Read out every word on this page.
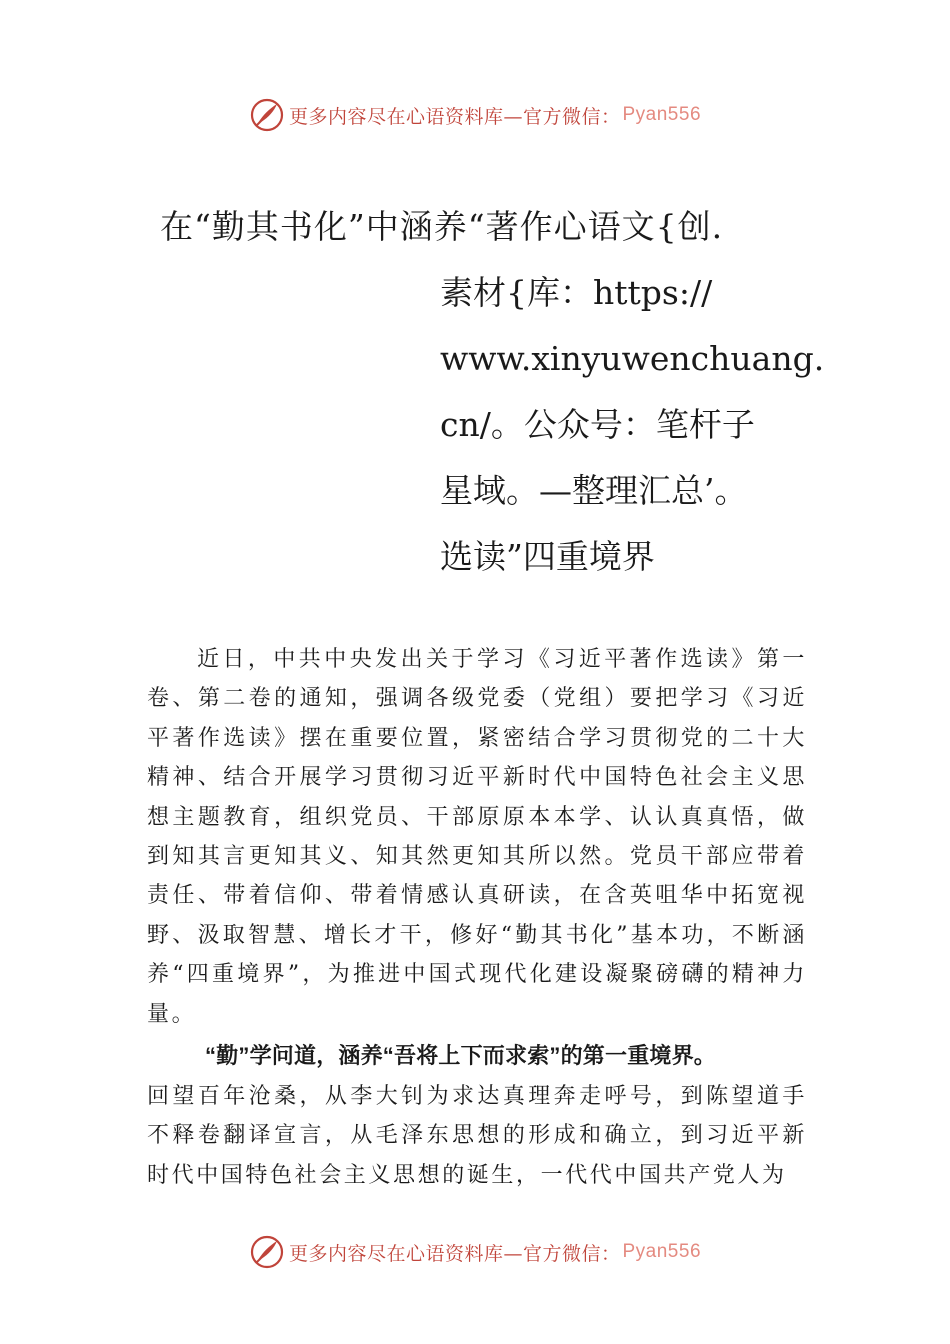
更多内容尽在心语资料库—官方微信： Pyan556
在“勤其书化”中涵养“著作心语文{创.
素材{库：https://
www.xinyuwenchuang.
cn/。公众号：笔杆子
星域。—整理汇总’。
选读”四重境界
近日，中共中央发出关于学习《习近平著作选读》第一卷、第二卷的通知，强调各级党委（党组）要把学习《习近平著作选读》摆在重要位置，紧密结合学习贯彻党的二十大精神、结合开展学习贯彻习近平新时代中国特色社会主义思想主题教育，组织党员、干部原原本本学、认认真真悟，做到知其言更知其义、知其然更知其所以然。党员干部应带着责任、带着信仰、带着情感认真研读，在含英咀华中拓宽视野、汲取智慧、增长才干，修好“勤其书化”基本功，不断涵养“四重境界”，为推进中国式现代化建设凝聚磅礴的精神力量。
“勤”学问道，涵养“吾将上下而求索”的第一重境界。
回望百年沧桑，从李大钊为求达真理奔走呼号，到陈望道手不释卷翻译宣言，从毛泽东思想的形成和确立，到习近平新时代中国特色社会主义思想的诞生，一代代中国共产党人为
更多内容尽在心语资料库—官方微信： Pyan556
